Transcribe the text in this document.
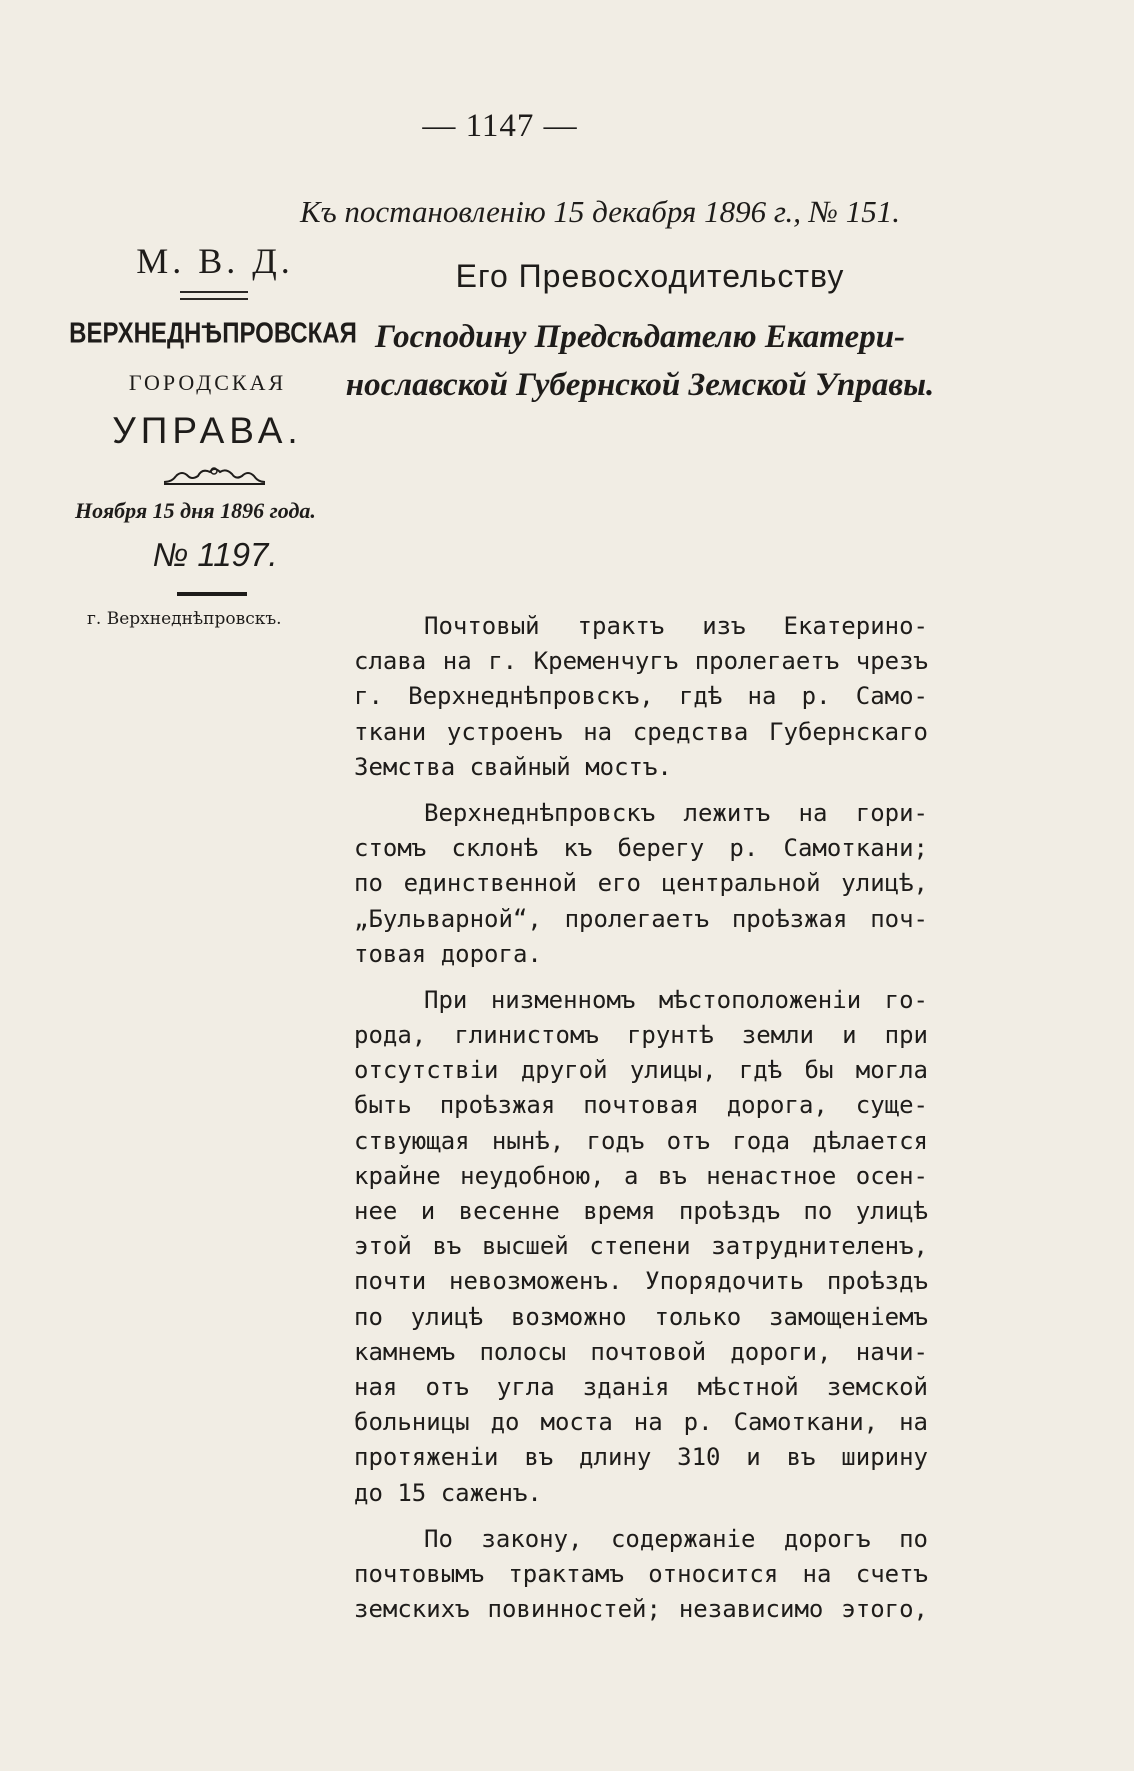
— 1147 —
Къ постановленію 15 декабря 1896 г., № 151.
М. В. Д.
ВЕРХНЕДНѢПРОВСКАЯ
ГОРОДСКАЯ
УПРАВА.
Ноября 15 дня 1896 года.
№ 1197.
г. Верхнеднѣпровскъ.
Его Превосходительству
Господину Предсѣдателю Екатери-
нославской Губернской Земской Управы.
Почтовый трактъ изъ Екатерино-
слава на г. Кременчугъ пролегаетъ чрезъ
г. Верхнеднѣпровскъ, гдѣ на р. Само-
ткани устроенъ на средства Губернскаго
Земства свайный мостъ.
Верхнеднѣпровскъ лежитъ на гори-
стомъ склонѣ къ берегу р. Самоткани;
по единственной его центральной улицѣ,
„Бульварной“, пролегаетъ проѣзжая поч-
товая дорога.
При низменномъ мѣстоположеніи го-
рода, глинистомъ грунтѣ земли и при
отсутствіи другой улицы, гдѣ бы могла
быть проѣзжая почтовая дорога, суще-
ствующая нынѣ, годъ отъ года дѣлается
крайне неудобною, а въ ненастное осен-
нее и весенне время проѣздъ по улицѣ
этой въ высшей степени затруднителенъ,
почти невозможенъ. Упорядочить проѣздъ
по улицѣ возможно только замощеніемъ
камнемъ полосы почтовой дороги, начи-
ная отъ угла зданія мѣстной земской
больницы до моста на р. Самоткани, на
протяженіи въ длину 310 и въ ширину
до 15 саженъ.
По закону, содержаніе дорогъ по
почтовымъ трактамъ относится на счетъ
земскихъ повинностей; независимо этого,
